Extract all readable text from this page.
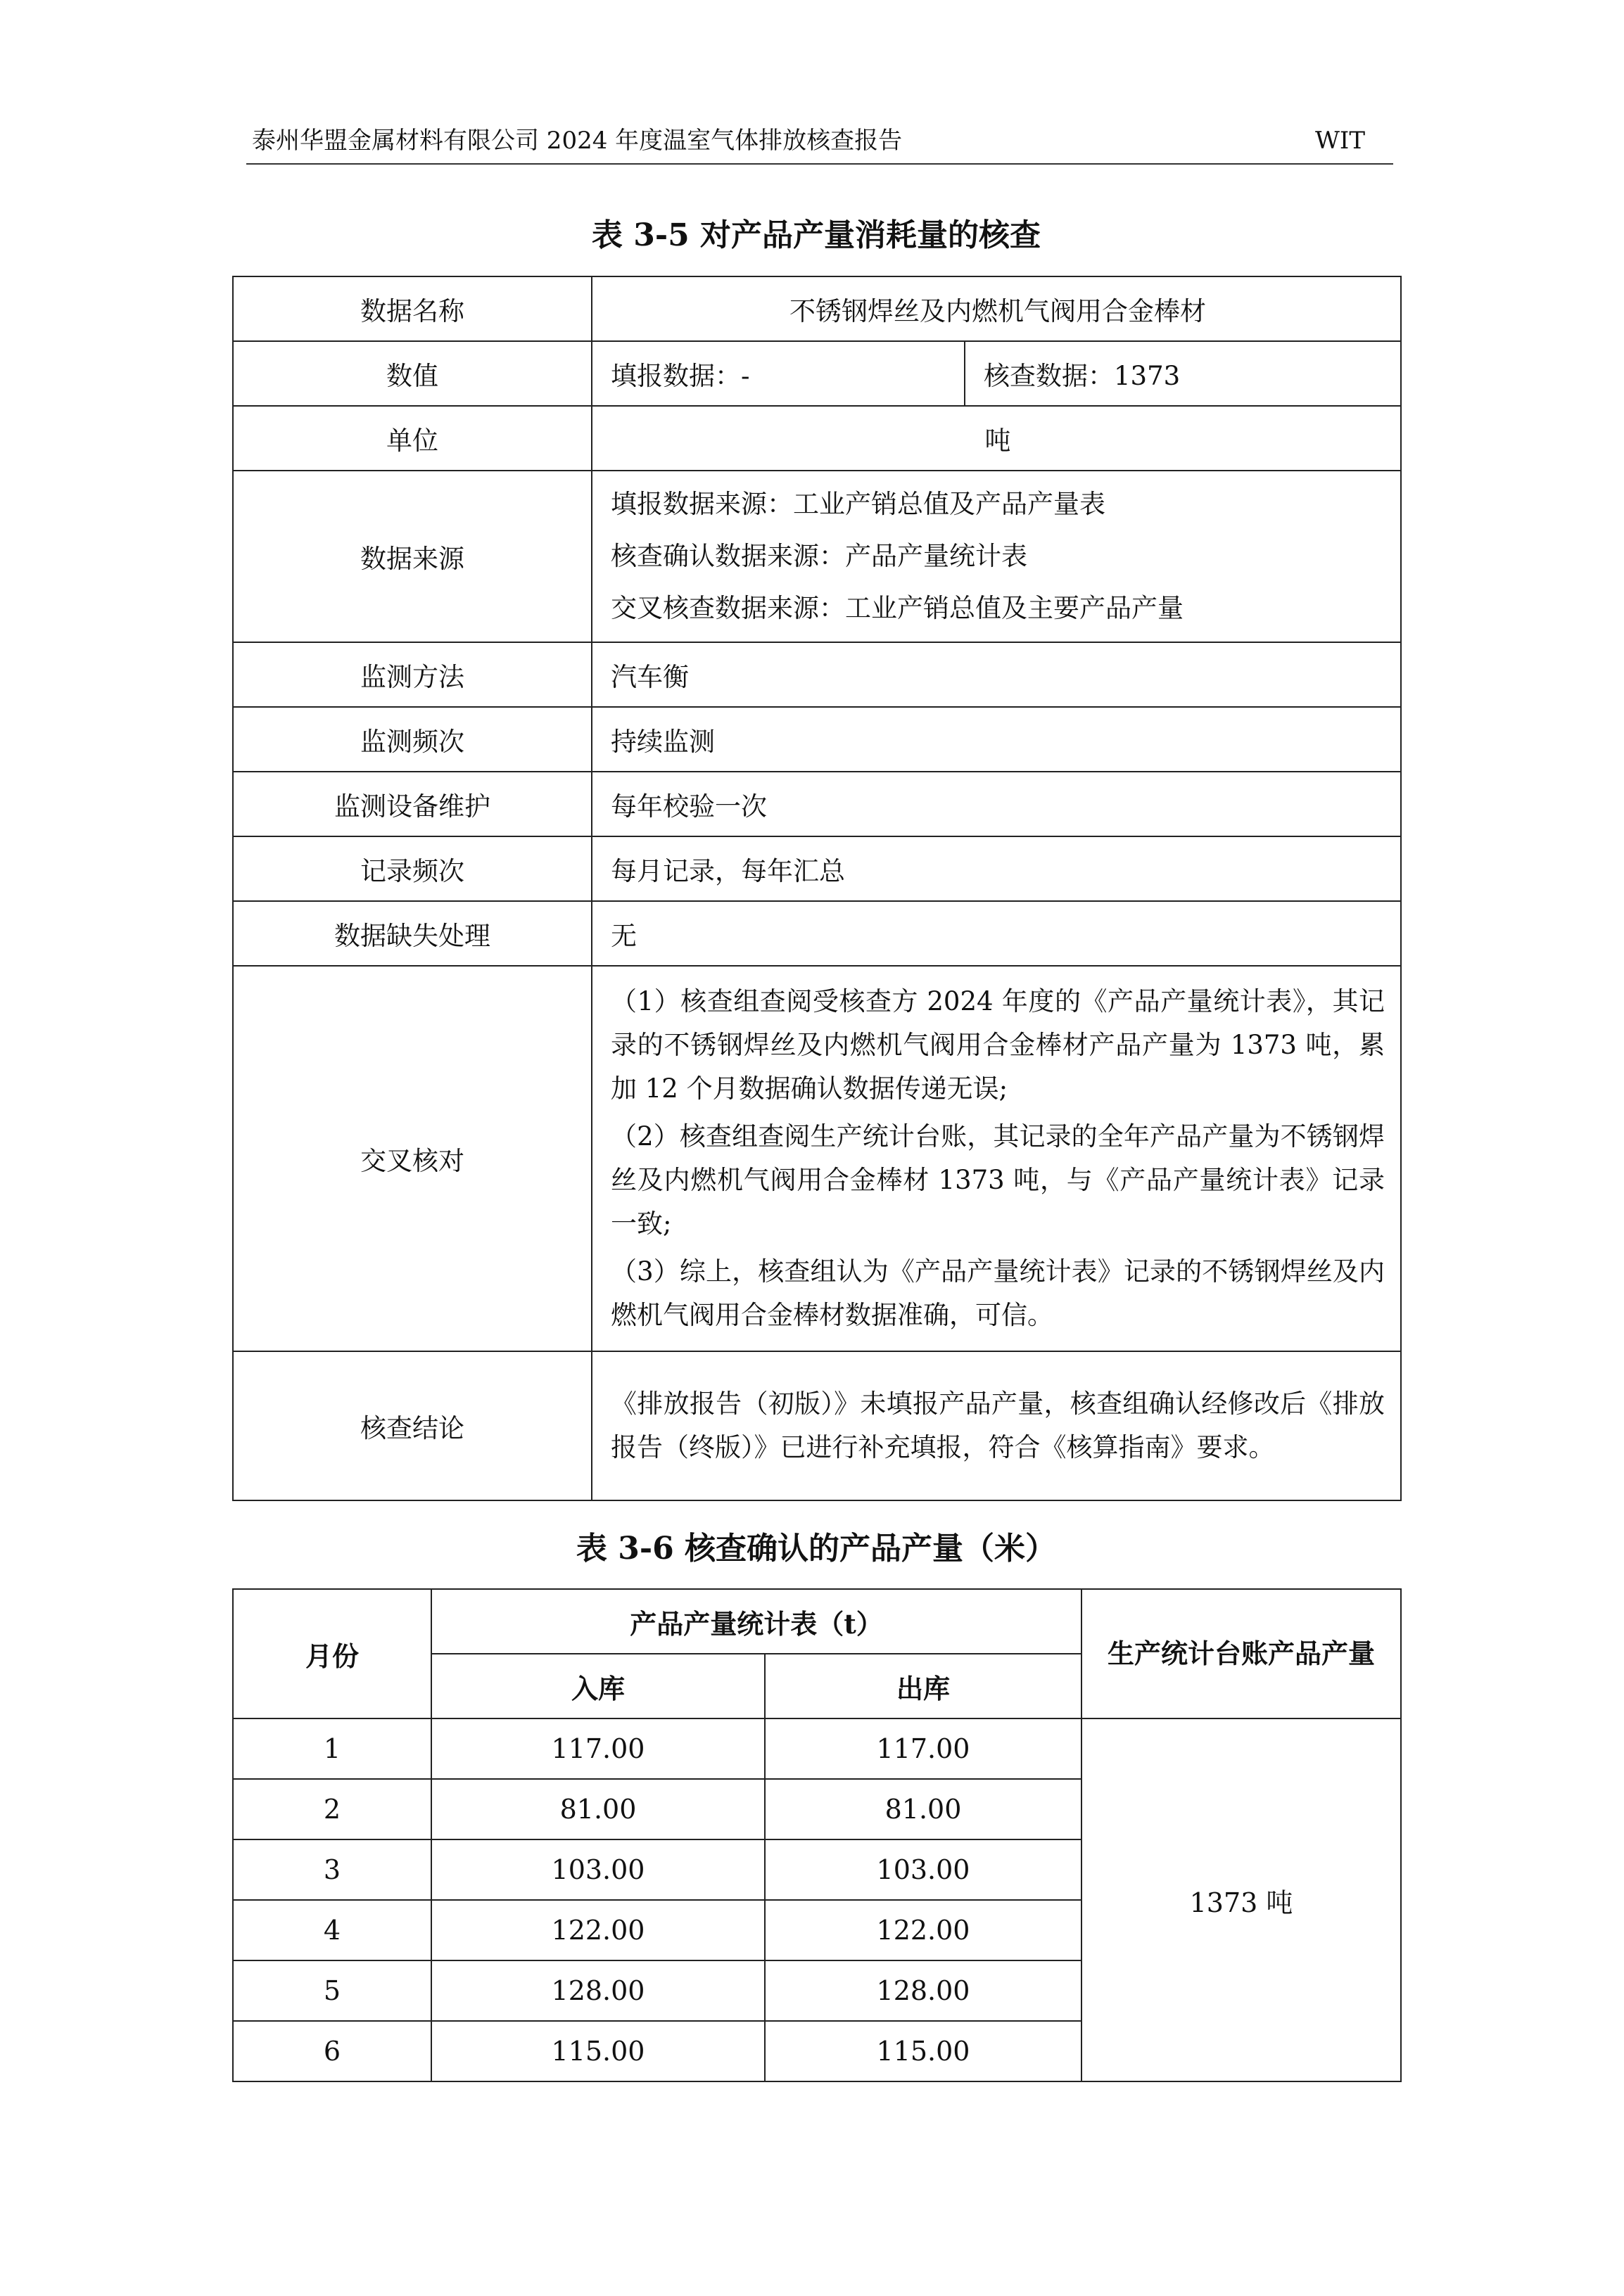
泰州华盟金属材料有限公司 2024 年度温室气体排放核查报告	WIT
表 3-5 对产品产量消耗量的核查
数据名称	不锈钢焊丝及内燃机气阀用合金棒材	
数值	填报数据：-	核查数据：1373
单位	吨	
数据来源	填报数据来源：工业产销总值及产品产量表
核查确认数据来源：产品产量统计表
交叉核查数据来源：工业产销总值及主要产品产量	

监测方法	汽车衡	
监测频次	持续监测	
监测设备维护	每年校验一次	
记录频次	每月记录，每年汇总	
数据缺失处理	无	
交叉核对	（1）核查组查阅受核查方 2024 年度的《产品产量统计表》，其记录的不锈钢焊丝及内燃机气阀用合金棒材产品产量为 1373 吨，累加 12 个月数据确认数据传递无误;
（2）核查组查阅生产统计台账，其记录的全年产品产量为不锈钢焊丝及内燃机气阀用合金棒材 1373 吨，与《产品产量统计表》记录一致;
（3）综上，核查组认为《产品产量统计表》记录的不锈钢焊丝及内燃机气阀用合金棒材数据准确，可信。	

核查结论	《排放报告（初版）》未填报产品产量，核查组确认经修改后《排放报告（终版）》已进行补充填报，符合《核算指南》要求。	
表 3-6 核查确认的产品产量（米）
月份	产品产量统计表（t）		生产统计台账产品产量
	入库	出库	
1	117.00	117.00	1373 吨
2	81.00	81.00	
3	103.00	103.00	
4	122.00	122.00	
5	128.00	128.00	
6	115.00	115.00	
